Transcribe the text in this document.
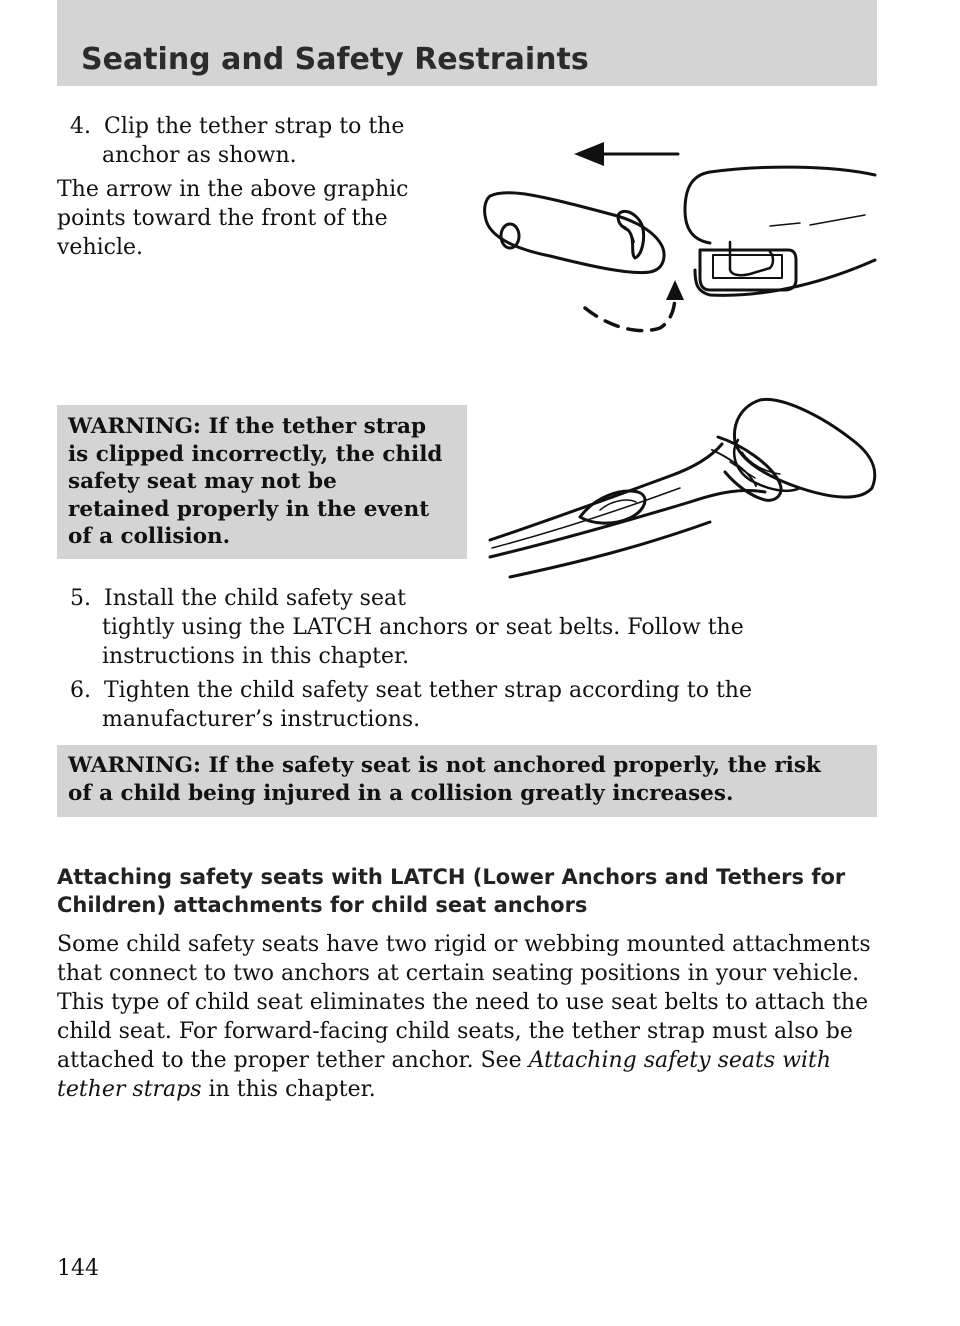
Seating and Safety Restraints
4. Clip the tether strap to the
anchor as shown.
The arrow in the above graphic
points toward the front of the
vehicle.
WARNING: If the tether strap
is clipped incorrectly, the child
safety seat may not be
retained properly in the event
of a collision.
5. Install the child safety seat
tightly using the LATCH anchors or seat belts. Follow the
instructions in this chapter.
6. Tighten the child safety seat tether strap according to the
manufacturer’s instructions.
WARNING: If the safety seat is not anchored properly, the risk
of a child being injured in a collision greatly increases.
Attaching safety seats with LATCH (Lower Anchors and Tethers for
Children) attachments for child seat anchors
Some child safety seats have two rigid or webbing mounted attachments
that connect to two anchors at certain seating positions in your vehicle.
This type of child seat eliminates the need to use seat belts to attach the
child seat. For forward-facing child seats, the tether strap must also be
attached to the proper tether anchor. See Attaching safety seats with
tether straps in this chapter.
144
